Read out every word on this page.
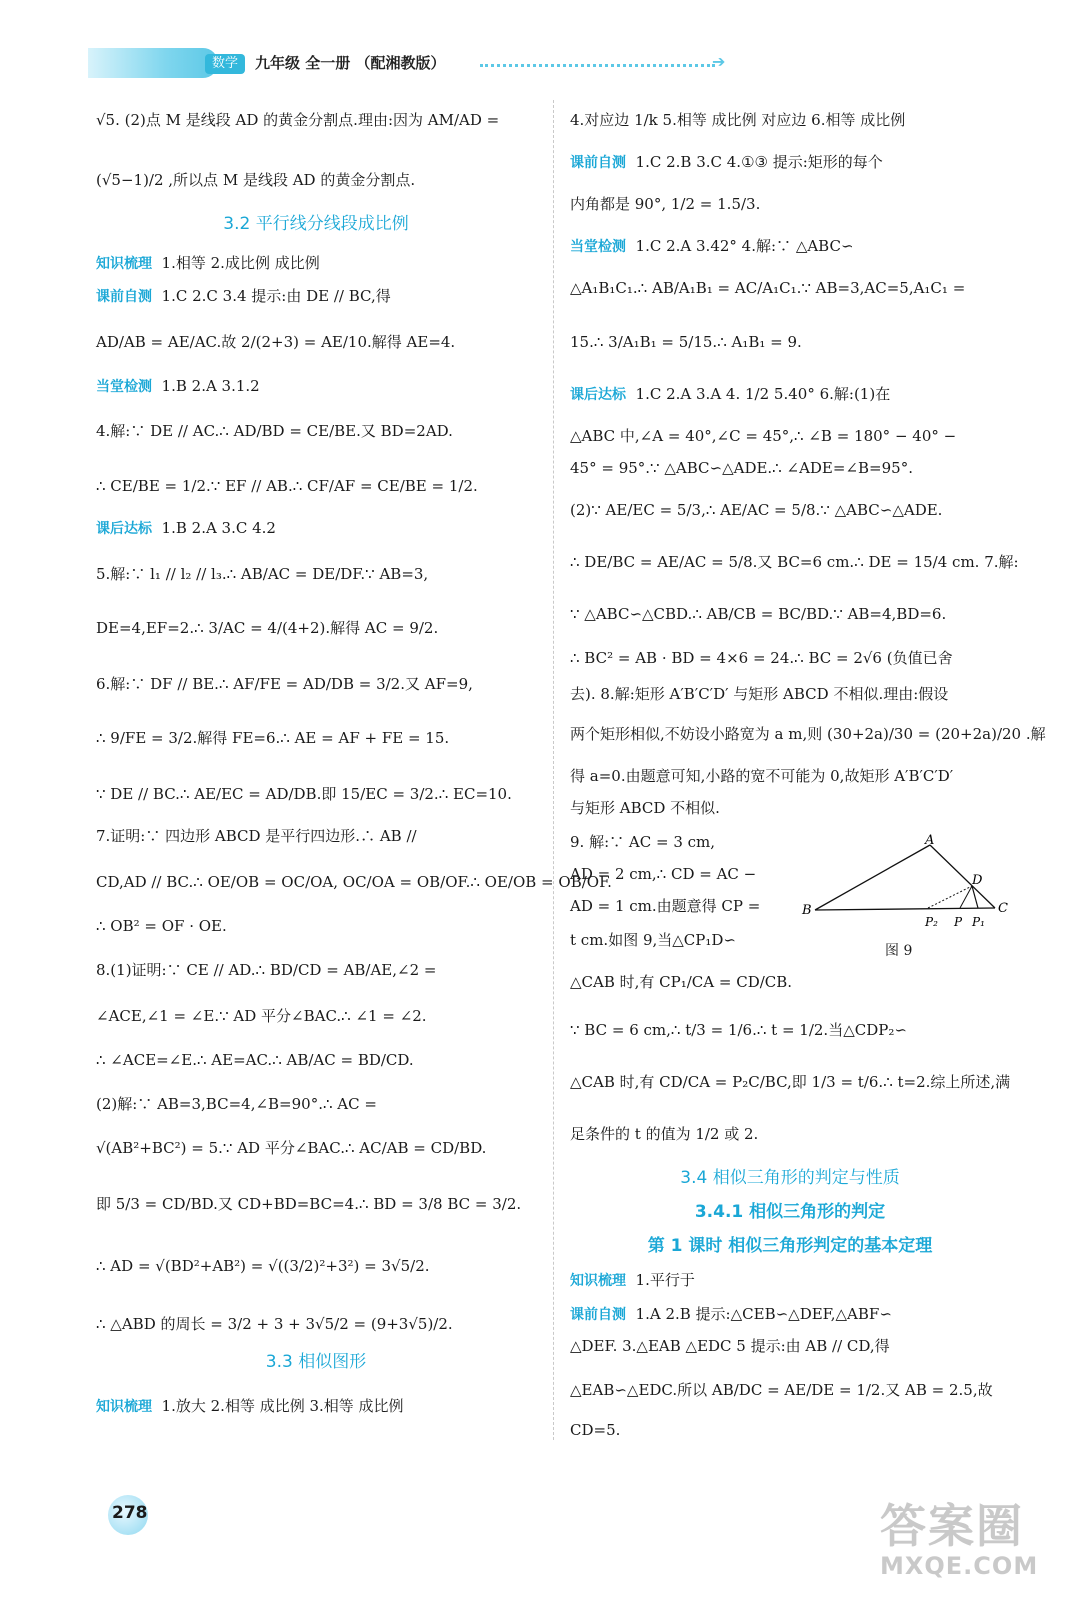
数学	九年级 全一册 （配湘教版）	➔
√5. (2)点 M 是线段 AD 的黄金分割点.理由:因为 AM/AD =
(√5−1)/2 ,所以点 M 是线段 AD 的黄金分割点.
3.2 平行线分线段成比例
知识梳理 1.相等 2.成比例 成比例
课前自测 1.C 2.C 3.4 提示:由 DE // BC,得
AD/AB = AE/AC.故 2/(2+3) = AE/10.解得 AE=4.
当堂检测 1.B 2.A 3.1.2
4.解:∵ DE // AC.∴ AD/BD = CE/BE.又 BD=2AD.
∴ CE/BE = 1/2.∵ EF // AB.∴ CF/AF = CE/BE = 1/2.
课后达标 1.B 2.A 3.C 4.2
5.解:∵ l₁ // l₂ // l₃.∴ AB/AC = DE/DF.∵ AB=3,
DE=4,EF=2.∴ 3/AC = 4/(4+2).解得 AC = 9/2.
6.解:∵ DF // BE.∴ AF/FE = AD/DB = 3/2.又 AF=9,
∴ 9/FE = 3/2.解得 FE=6.∴ AE = AF + FE = 15.
∵ DE // BC.∴ AE/EC = AD/DB.即 15/EC = 3/2.∴ EC=10.
7.证明:∵ 四边形 ABCD 是平行四边形.∴ AB //
CD,AD // BC.∴ OE/OB = OC/OA, OC/OA = OB/OF.∴ OE/OB = OB/OF.
∴ OB² = OF · OE.
8.(1)证明:∵ CE // AD.∴ BD/CD = AB/AE,∠2 =
∠ACE,∠1 = ∠E.∵ AD 平分∠BAC.∴ ∠1 = ∠2.
∴ ∠ACE=∠E.∴ AE=AC.∴ AB/AC = BD/CD.
(2)解:∵ AB=3,BC=4,∠B=90°.∴ AC =
√(AB²+BC²) = 5.∵ AD 平分∠BAC.∴ AC/AB = CD/BD.
即 5/3 = CD/BD.又 CD+BD=BC=4.∴ BD = 3/8 BC = 3/2.
∴ AD = √(BD²+AB²) = √((3/2)²+3²) = 3√5/2.
∴ △ABD 的周长 = 3/2 + 3 + 3√5/2 = (9+3√5)/2.
3.3 相似图形
知识梳理 1.放大 2.相等 成比例 3.相等 成比例
4.对应边 1/k 5.相等 成比例 对应边 6.相等 成比例
课前自测 1.C 2.B 3.C 4.①③ 提示:矩形的每个
内角都是 90°, 1/2 = 1.5/3.
当堂检测 1.C 2.A 3.42° 4.解:∵ △ABC∽
△A₁B₁C₁.∴ AB/A₁B₁ = AC/A₁C₁.∵ AB=3,AC=5,A₁C₁ =
15.∴ 3/A₁B₁ = 5/15.∴ A₁B₁ = 9.
课后达标 1.C 2.A 3.A 4. 1/2 5.40° 6.解:(1)在
△ABC 中,∠A = 40°,∠C = 45°,∴ ∠B = 180° − 40° −
45° = 95°.∵ △ABC∽△ADE.∴ ∠ADE=∠B=95°.
(2)∵ AE/EC = 5/3,∴ AE/AC = 5/8.∵ △ABC∽△ADE.
∴ DE/BC = AE/AC = 5/8.又 BC=6 cm.∴ DE = 15/4 cm. 7.解:
∵ △ABC∽△CBD.∴ AB/CB = BC/BD.∵ AB=4,BD=6.
∴ BC² = AB · BD = 4×6 = 24.∴ BC = 2√6 (负值已舍
去). 8.解:矩形 A′B′C′D′ 与矩形 ABCD 不相似.理由:假设
两个矩形相似,不妨设小路宽为 a m,则 (30+2a)/30 = (20+2a)/20 .解
得 a=0.由题意可知,小路的宽不可能为 0,故矩形 A′B′C′D′
与矩形 ABCD 不相似.
9. 解:∵ AC = 3 cm,
AD = 2 cm,∴ CD = AC −
AD = 1 cm.由题意得 CP =
t cm.如图 9,当△CP₁D∽
△CAB 时,有 CP₁/CA = CD/CB.
∵ BC = 6 cm,∴ t/3 = 1/6.∴ t = 1/2.当△CDP₂∽
△CAB 时,有 CD/CA = P₂C/BC,即 1/3 = t/6.∴ t=2.综上所述,满
足条件的 t 的值为 1/2 或 2.
3.4 相似三角形的判定与性质
3.4.1 相似三角形的判定
第 1 课时 相似三角形判定的基本定理
知识梳理 1.平行于
课前自测 1.A 2.B 提示:△CEB∽△DEF,△ABF∽
△DEF. 3.△EAB △EDC 5 提示:由 AB // CD,得
△EAB∽△EDC.所以 AB/DC = AE/DE = 1/2.又 AB = 2.5,故
CD=5.
A
B	C
D
P₂ P P₁
图 9
278	答案圈
MXQE.COM
